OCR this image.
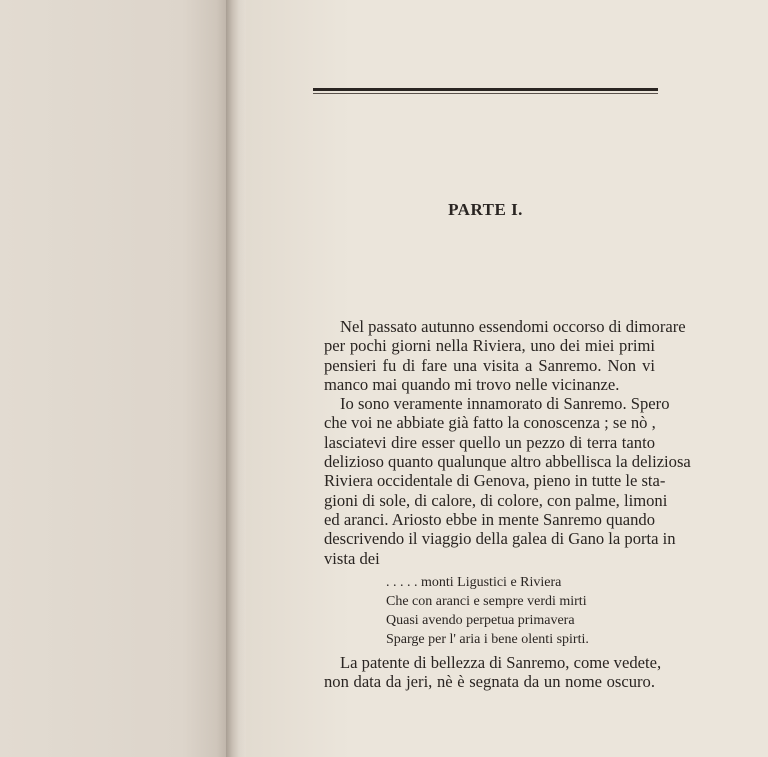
PARTE I.
Nel passato autunno essendomi occorso di dimorare
per pochi giorni nella Riviera, uno dei miei primi
pensieri fu di fare una visita a Sanremo. Non vi
manco mai quando mi trovo nelle vicinanze.
Io sono veramente innamorato di Sanremo. Spero
che voi ne abbiate già fatto la conoscenza ; se nò ,
lasciatevi dire esser quello un pezzo di terra tanto
delizioso quanto qualunque altro abbellisca la deliziosa
Riviera occidentale di Genova, pieno in tutte le sta-
gioni di sole, di calore, di colore, con palme, limoni
ed aranci. Ariosto ebbe in mente Sanremo quando
descrivendo il viaggio della galea di Gano la porta in
vista dei
. . . . . monti Ligustici e Riviera
Che con aranci e sempre verdi mirti
Quasi avendo perpetua primavera
Sparge per l' aria i bene olenti spirti.
La patente di bellezza di Sanremo, come vedete,
non data da jeri, nè è segnata da un nome oscuro.
